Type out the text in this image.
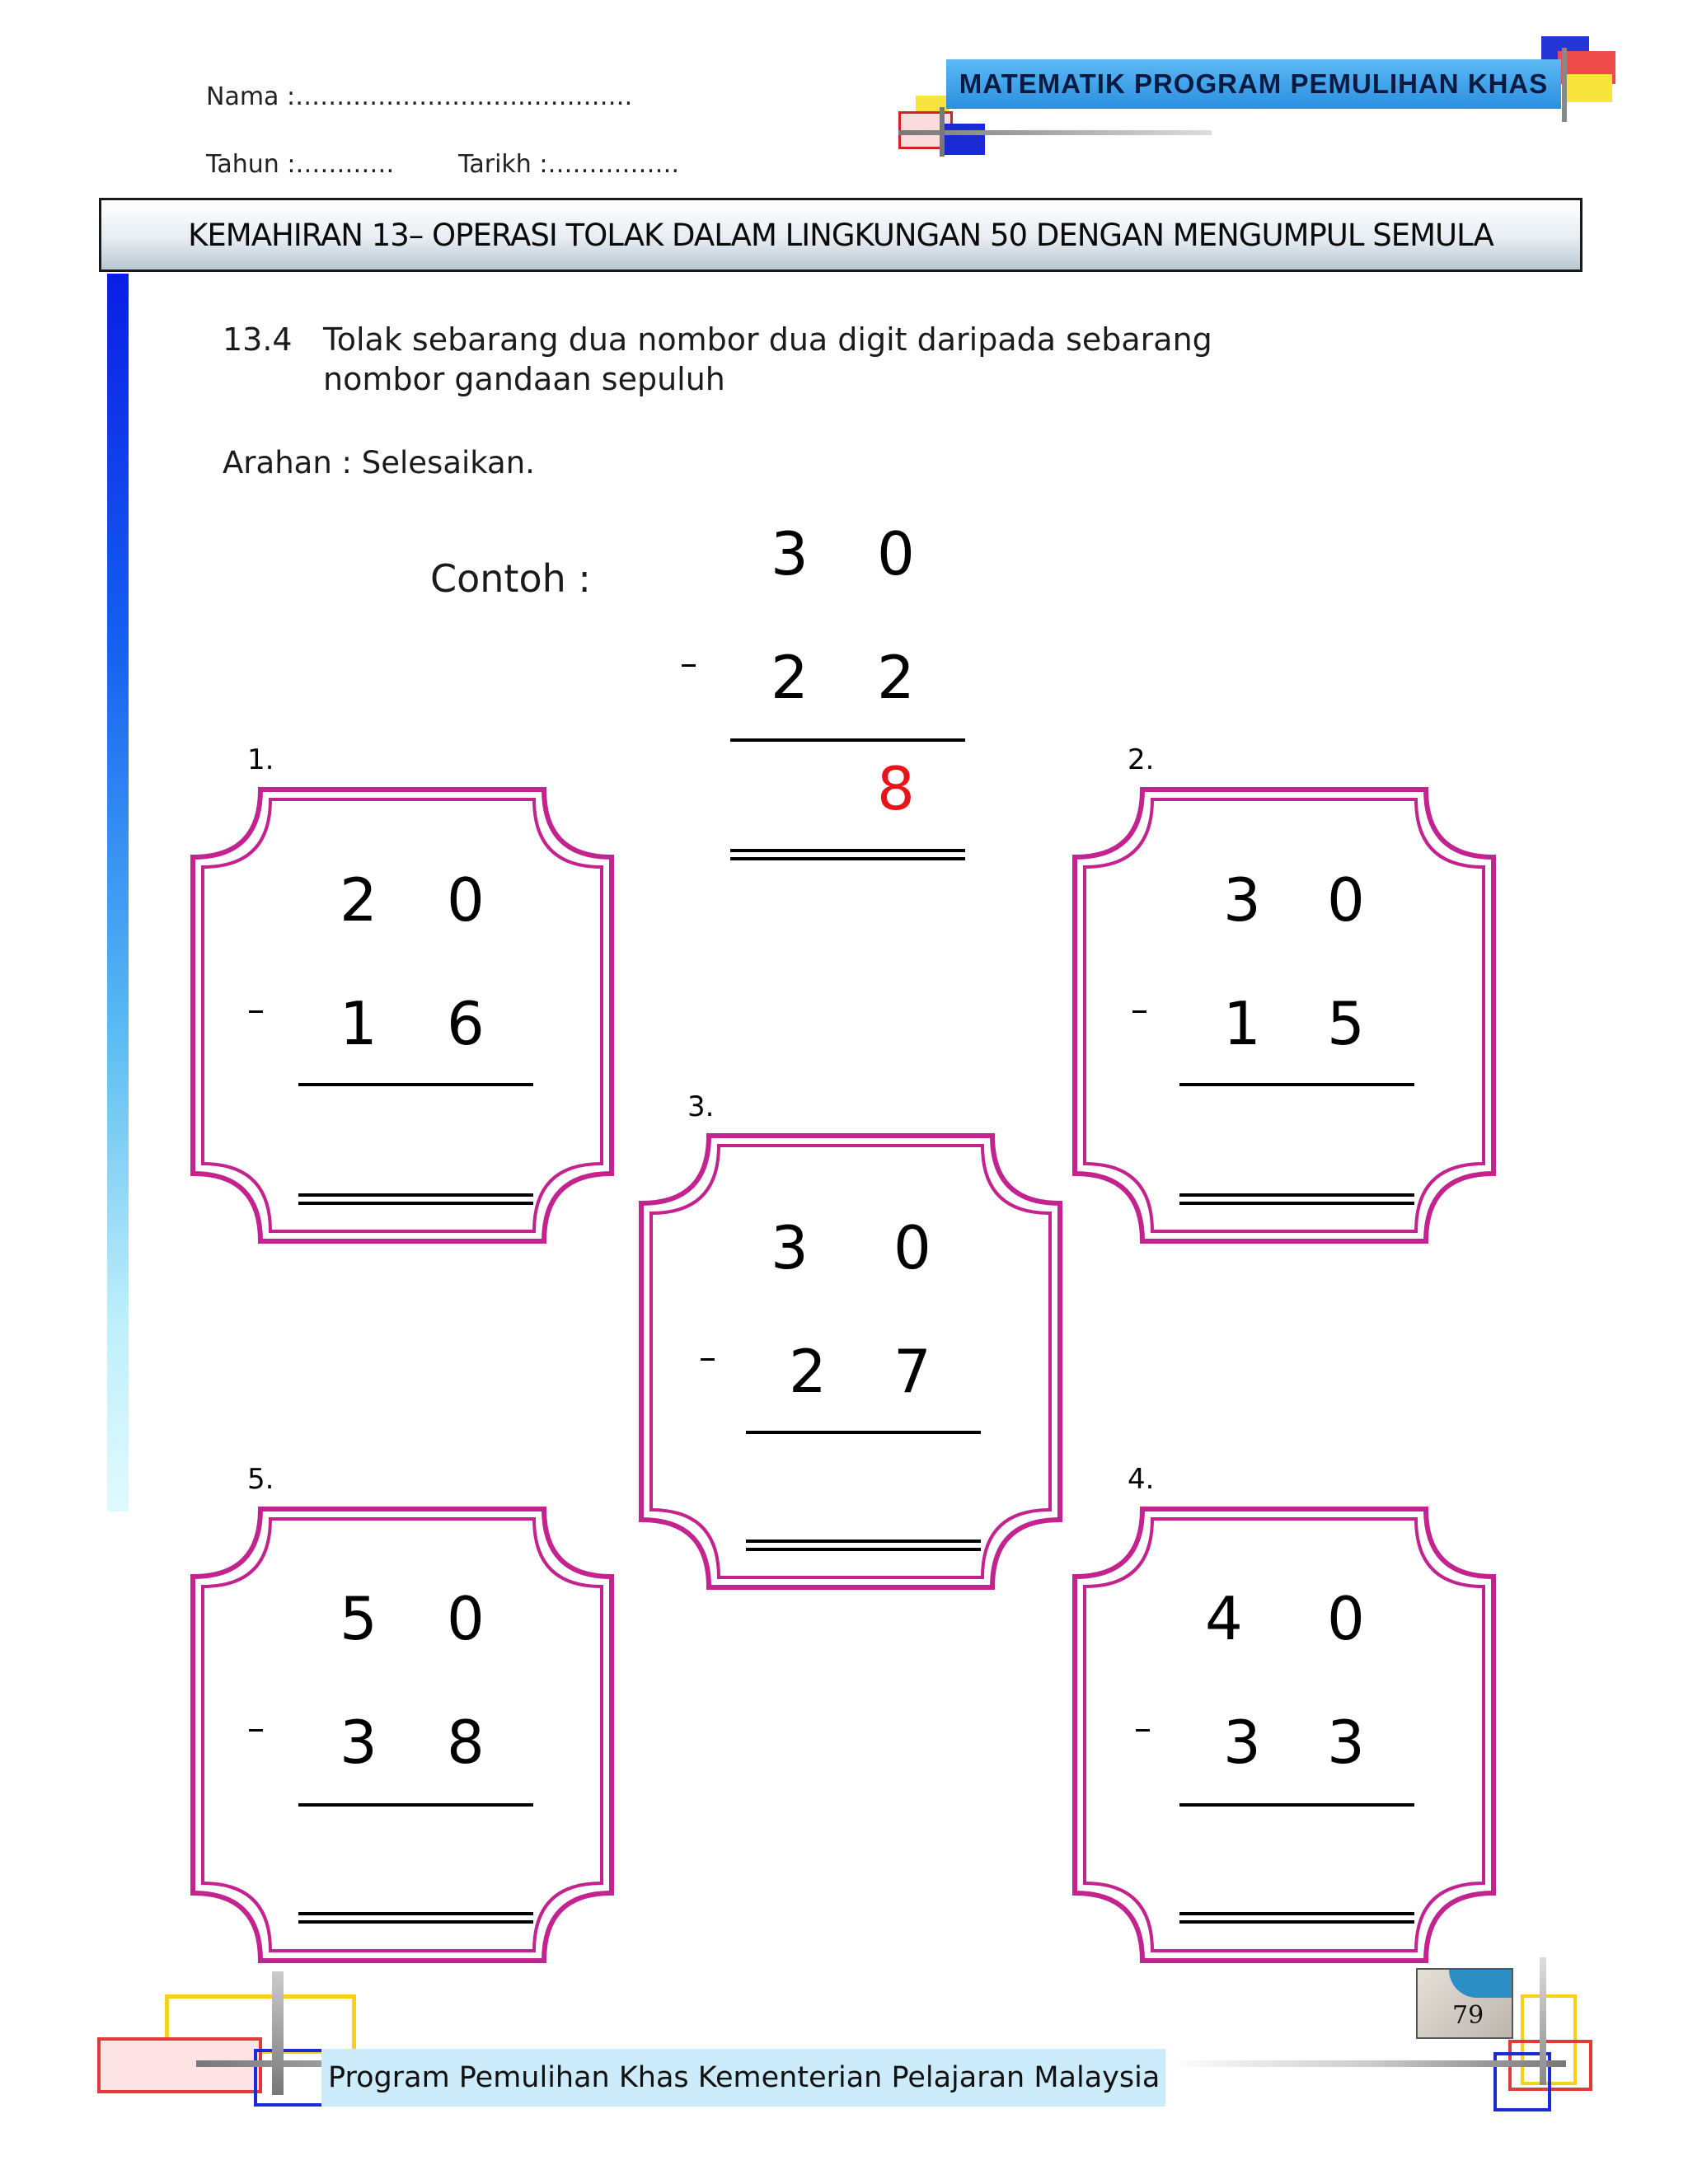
Nama :……………………….………….
Tahun :…………	Tarikh :…………….
MATEMATIK PROGRAM PEMULIHAN KHAS
KEMAHIRAN 13– OPERASI TOLAK DALAM LINGKUNGAN 50 DENGAN MENGUMPUL SEMULA
13.4 Tolak sebarang dua nombor dua digit daripada sebarang
nombor gandaan sepuluh
Arahan : Selesaikan.
Contoh :	3 0
– 2 2
8
1.	2.
3.
4.
5.
2 0
– 1 6
3 0
– 1 5
3 0
– 2 7
5 0
– 3 8
4 0
– 3 3
79
Program Pemulihan Khas Kementerian Pelajaran Malaysia
